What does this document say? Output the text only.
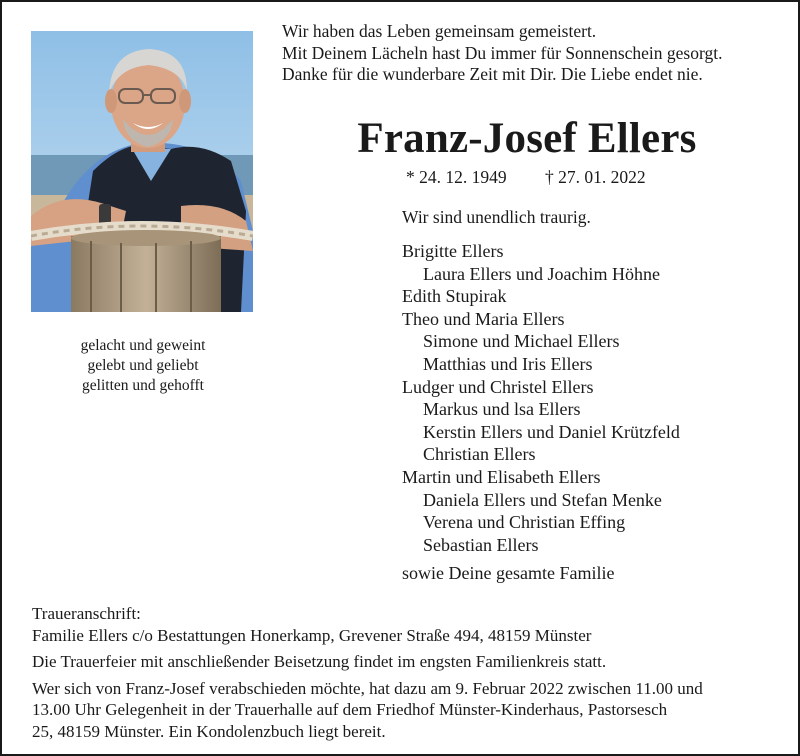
Wir haben das Leben gemeinsam gemeistert.
Mit Deinem Lächeln hast Du immer für Sonnenschein gesorgt.
Danke für die wunderbare Zeit mit Dir. Die Liebe endet nie.
Franz-Josef Ellers
* 24. 12. 1949 † 27. 01. 2022
Wir sind unendlich traurig.
gelacht und geweint
gelebt und geliebt
gelitten und gehofft
Brigitte Ellers
Laura Ellers und Joachim Höhne
Edith Stupirak
Theo und Maria Ellers
Simone und Michael Ellers
Matthias und Iris Ellers
Ludger und Christel Ellers
Markus und lsa Ellers
Kerstin Ellers und Daniel Krützfeld
Christian Ellers
Martin und Elisabeth Ellers
Daniela Ellers und Stefan Menke
Verena und Christian Effing
Sebastian Ellers
sowie Deine gesamte Familie

Traueranschrift:

Familie Ellers c/o Bestattungen Honerkamp, Grevener Straße 494, 48159 Münster

Die Trauerfeier mit anschließender Beisetzung findet im engsten Familienkreis statt.

Wer sich von Franz-Josef verabschieden möchte, hat dazu am 9. Februar 2022 zwischen 11.00 und

13.00 Uhr Gelegenheit in der Trauerhalle auf dem Friedhof Münster-Kinderhaus, Pastorsesch

25, 48159 Münster. Ein Kondolenzbuch liegt bereit.
